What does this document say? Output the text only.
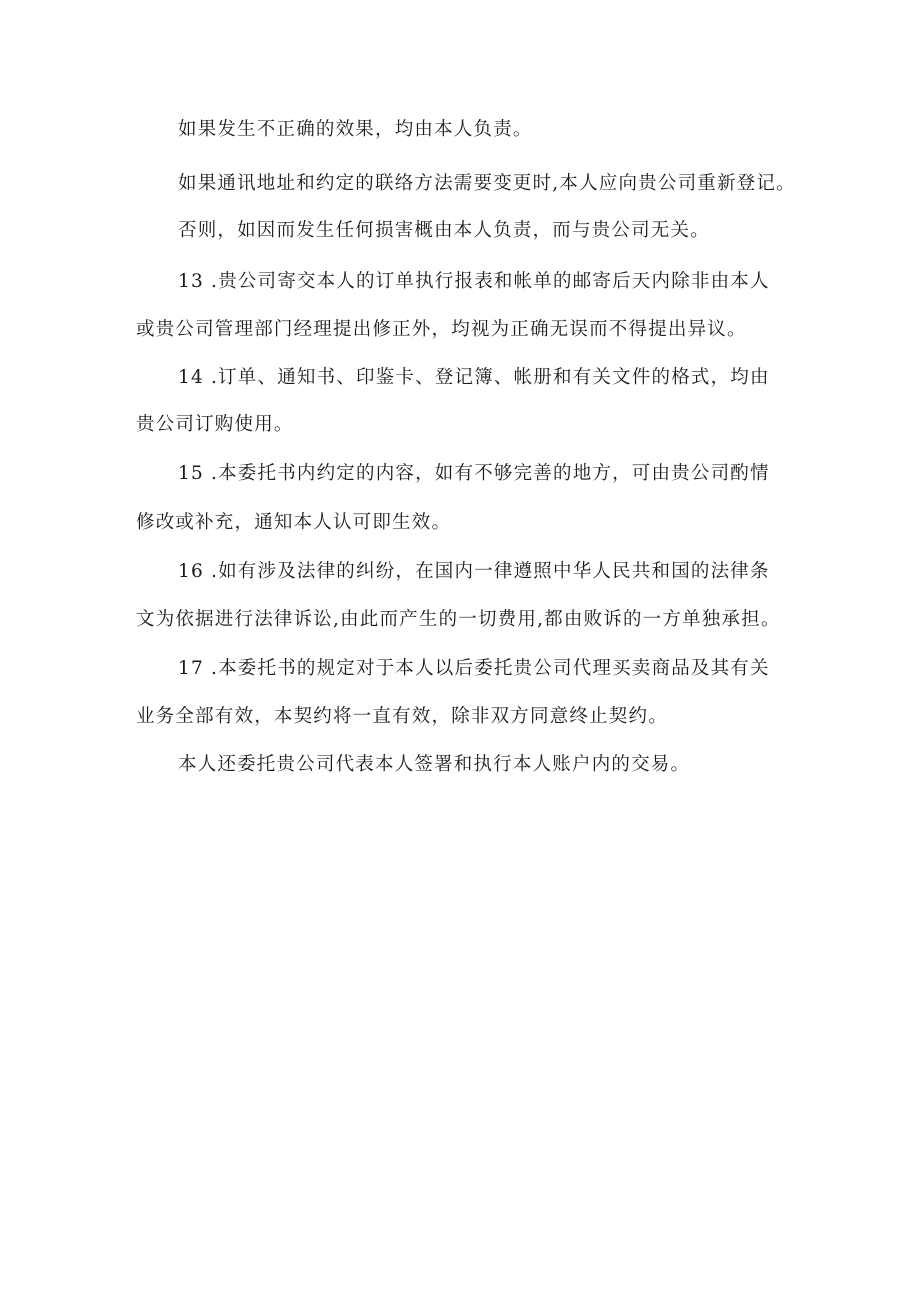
如果发生不正确的效果，均由本人负责。
如果通讯地址和约定的联络方法需要变更时,本人应向贵公司重新登记。
否则，如因而发生任何损害概由本人负责，而与贵公司无关。
13 .贵公司寄交本人的订单执行报表和帐单的邮寄后天内除非由本人
或贵公司管理部门经理提出修正外，均视为正确无误而不得提出异议。
14 .订单、通知书、印鉴卡、登记簿、帐册和有关文件的格式，均由
贵公司订购使用。
15 .本委托书内约定的内容，如有不够完善的地方，可由贵公司酌情
修改或补充，通知本人认可即生效。
16 .如有涉及法律的纠纷，在国内一律遵照中华人民共和国的法律条
文为依据进行法律诉讼,由此而产生的一切费用,都由败诉的一方单独承担。
17 .本委托书的规定对于本人以后委托贵公司代理买卖商品及其有关
业务全部有效，本契约将一直有效，除非双方同意终止契约。
本人还委托贵公司代表本人签署和执行本人账户内的交易。
